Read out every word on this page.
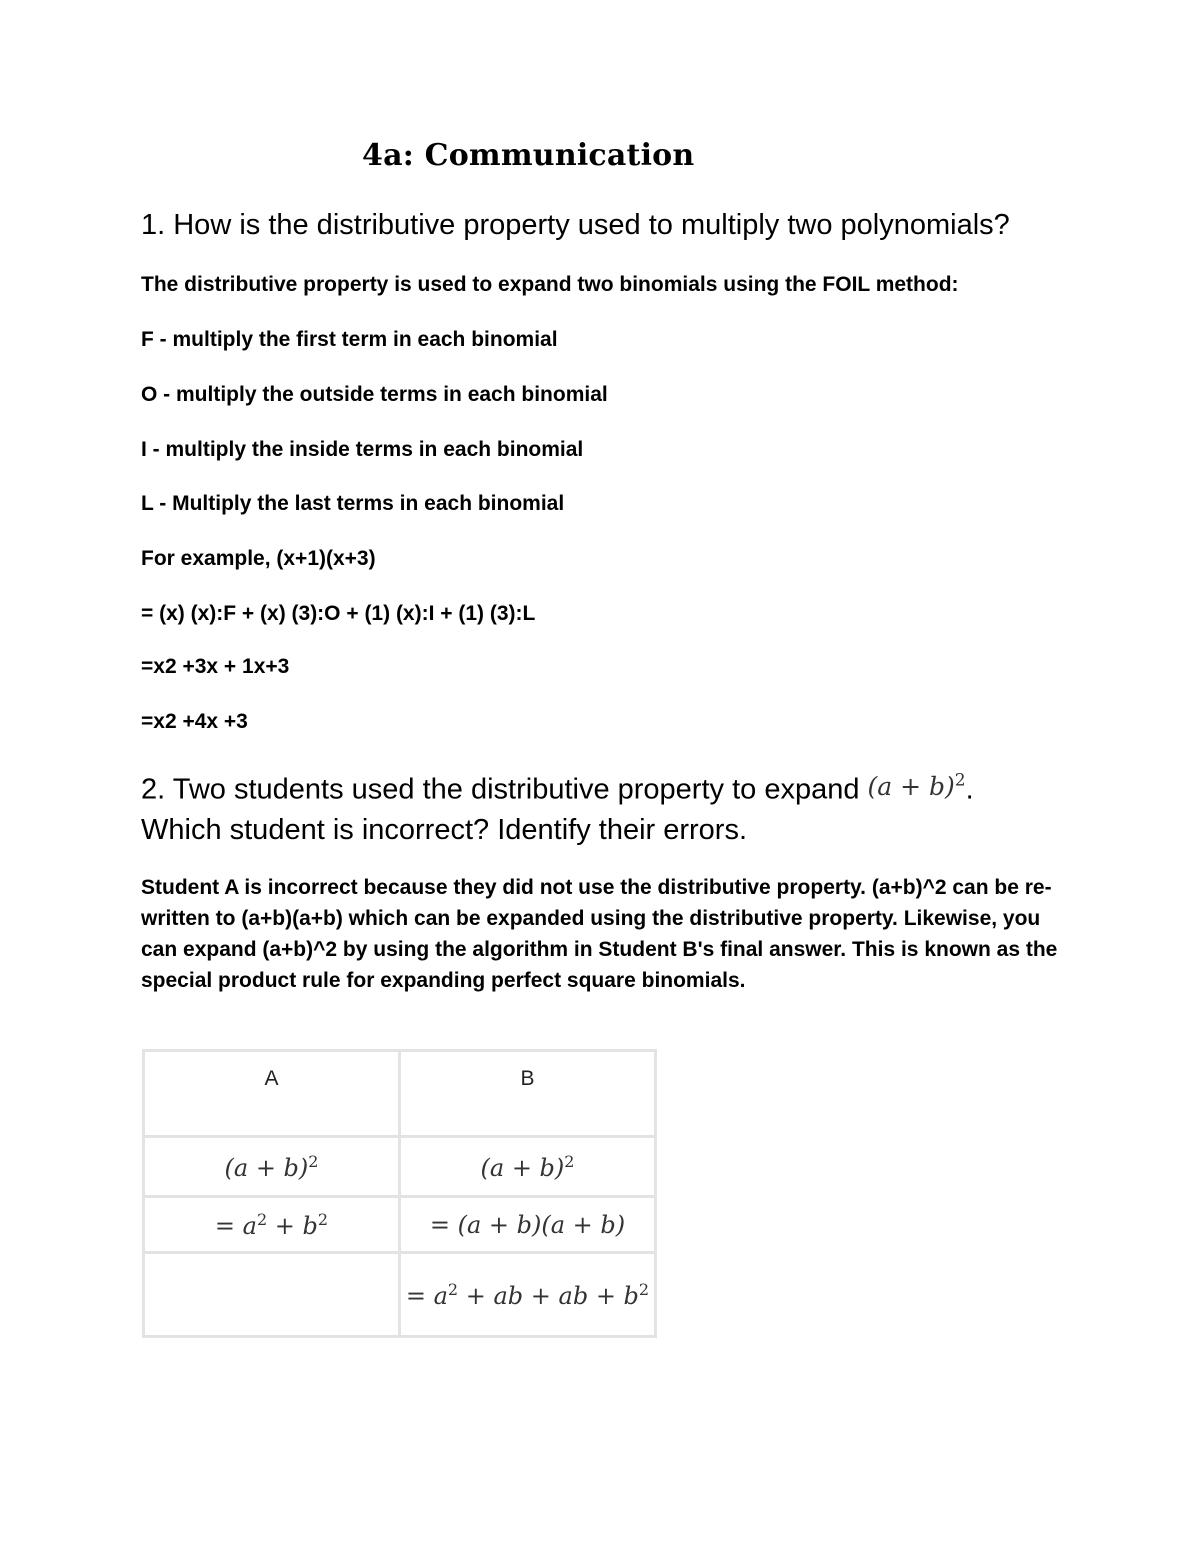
4a: Communication
1. How is the distributive property used to multiply two polynomials?
The distributive property is used to expand two binomials using the FOIL method:
F - multiply the first term in each binomial
O - multiply the outside terms in each binomial
I - multiply the inside terms in each binomial
L - Multiply the last terms in each binomial
For example, (x+1)(x+3)
= (x) (x):F + (x) (3):O + (1) (x):I + (1) (3):L
=x2 +3x + 1x+3
=x2 +4x +3
2. Two students used the distributive property to expand $(a + b)^2$.
Which student is incorrect? Identify their errors.
Student A is incorrect because they did not use the distributive property. (a+b)^2 can be re-written to (a+b)(a+b) which can be expanded using the distributive property. Likewise, you can expand (a+b)^2 by using the algorithm in Student B's final answer. This is known as the special product rule for expanding perfect square binomials.
A	B
$(a + b)^2$	$(a + b)^2$
= $a^2 + b^2$	= (a + b)(a + b)
	= $a^2$ + ab + ab + $b^2$
